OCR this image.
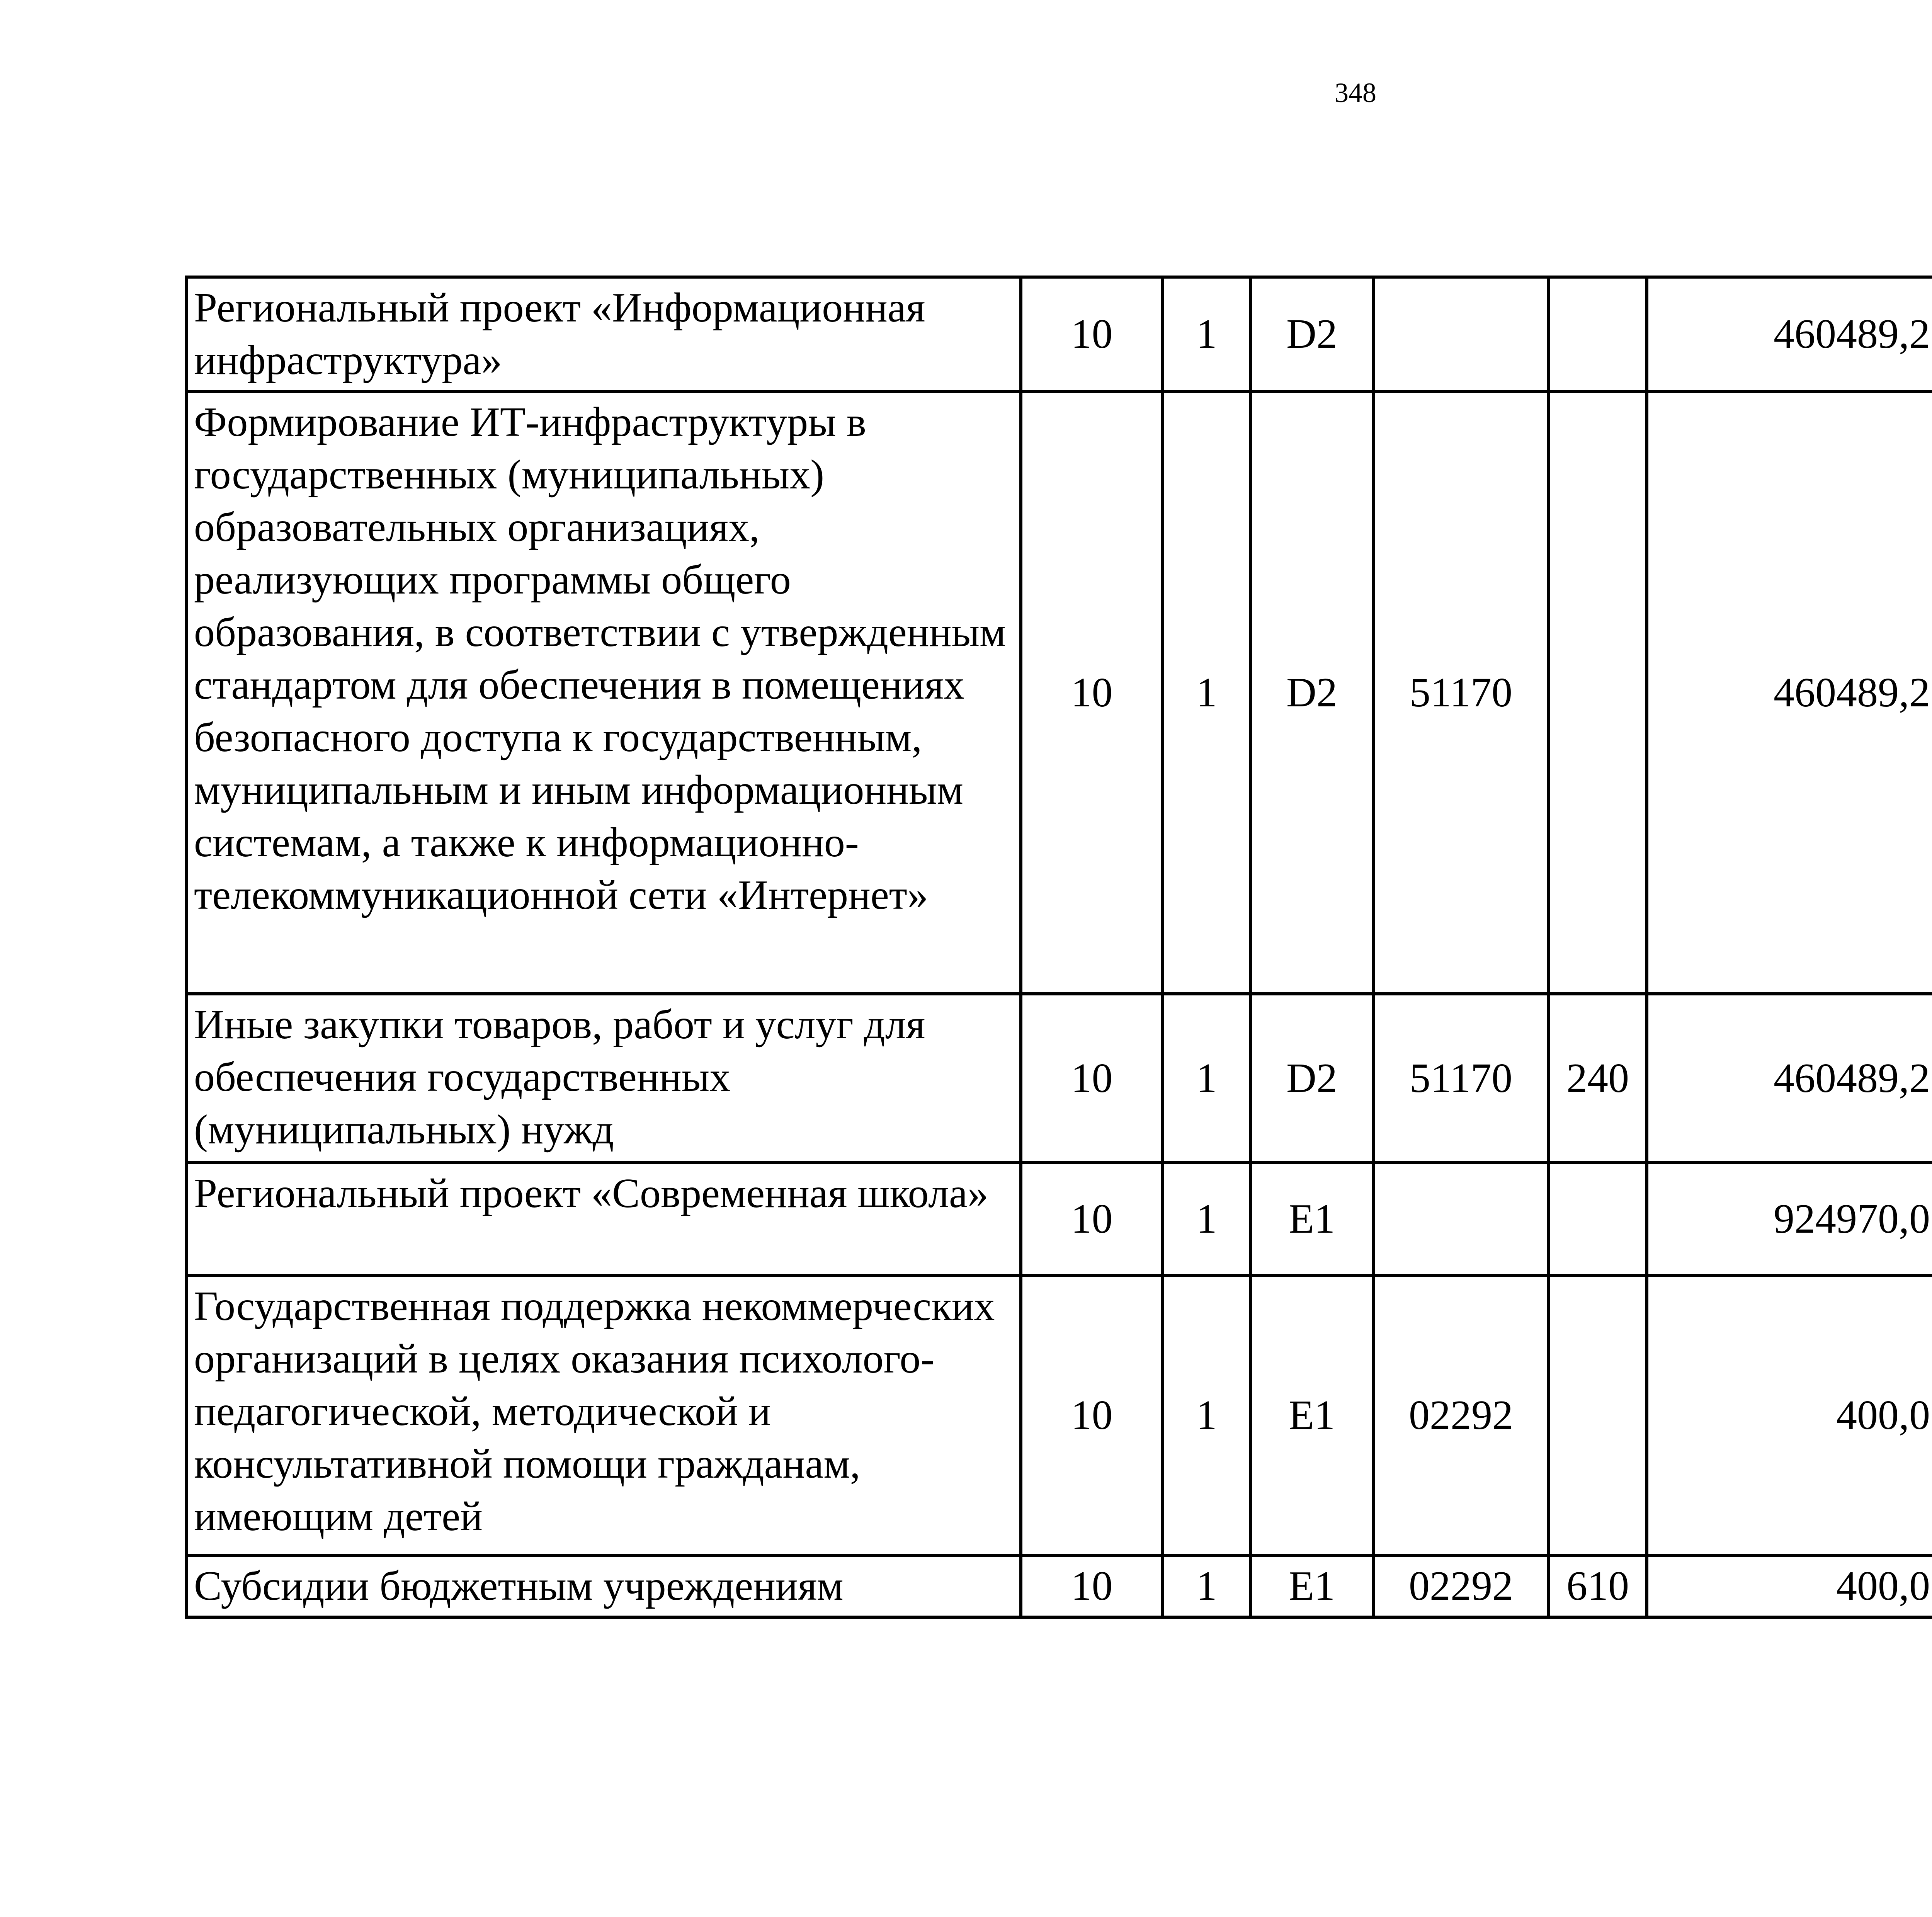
348
Региональный проект «Информационная инфраструктура»	10	1	D2			460489,2		
Формирование ИТ-инфраструктуры в государственных (муниципальных) образовательных организациях, реализующих программы общего образования, в соответствии с утвержденным стандартом для обеспечения в помещениях безопасного доступа к государственным, муниципальным и иным информационным системам, а также к информационно-телекоммуникационной сети «Интернет»	10	1	D2	51170		460489,2		
Иные закупки товаров, работ и услуг для обеспечения государственных (муниципальных) нужд	10	1	D2	51170	240	460489,2		
Региональный проект «Современная школа»	10	1	E1			924970,0		
Государственная поддержка некоммерческих организаций в целях оказания психолого-педагогической, методической и консультативной помощи гражданам, имеющим детей	10	1	E1	02292		400,0		
Субсидии бюджетным учреждениям	10	1	E1	02292	610	400,0		
